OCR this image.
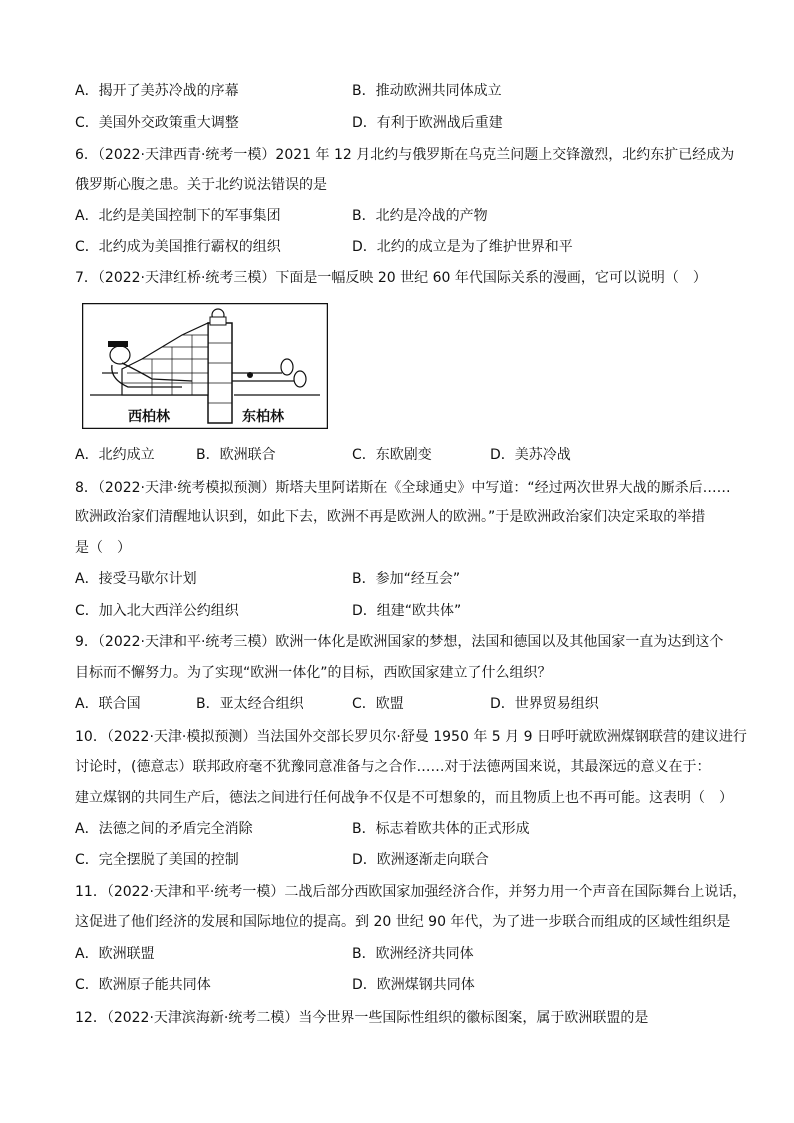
A．揭开了美苏冷战的序幕	B．推动欧洲共同体成立
C．美国外交政策重大调整	D．有利于欧洲战后重建
6．（2022·天津西青·统考一模）2021 年 12 月北约与俄罗斯在乌克兰问题上交锋激烈，北约东扩已经成为
俄罗斯心腹之患。关于北约说法错误的是
A．北约是美国控制下的军事集团	B．北约是冷战的产物
C．北约成为美国推行霸权的组织	D．北约的成立是为了维护世界和平
7．（2022·天津红桥·统考三模）下面是一幅反映 20 世纪 60 年代国际关系的漫画，它可以说明（　）
西柏林	东柏林
A．北约成立	B．欧洲联合	C．东欧剧变	D．美苏冷战
8．（2022·天津·统考模拟预测）斯塔夫里阿诺斯在《全球通史》中写道：“经过两次世界大战的厮杀后……
欧洲政治家们清醒地认识到，如此下去，欧洲不再是欧洲人的欧洲。”于是欧洲政治家们决定采取的举措
是（　）
A．接受马歇尔计划	B．参加“经互会”
C．加入北大西洋公约组织	D．组建“欧共体”
9．（2022·天津和平·统考三模）欧洲一体化是欧洲国家的梦想，法国和德国以及其他国家一直为达到这个
目标而不懈努力。为了实现“欧洲一体化”的目标，西欧国家建立了什么组织？
A．联合国	B．亚太经合组织	C．欧盟	D．世界贸易组织
10．（2022·天津·模拟预测）当法国外交部长罗贝尔·舒曼 1950 年 5 月 9 日呼吁就欧洲煤钢联营的建议进行
讨论时，(德意志）联邦政府毫不犹豫同意准备与之合作……对于法德两国来说，其最深远的意义在于：
建立煤钢的共同生产后，德法之间进行任何战争不仅是不可想象的，而且物质上也不再可能。这表明（　）
A．法德之间的矛盾完全消除	B．标志着欧共体的正式形成
C．完全摆脱了美国的控制	D．欧洲逐渐走向联合
11．（2022·天津和平·统考一模）二战后部分西欧国家加强经济合作，并努力用一个声音在国际舞台上说话，
这促进了他们经济的发展和国际地位的提高。到 20 世纪 90 年代，为了进一步联合而组成的区域性组织是
A．欧洲联盟	B．欧洲经济共同体
C．欧洲原子能共同体	D．欧洲煤钢共同体
12．（2022·天津滨海新·统考二模）当今世界一些国际性组织的徽标图案，属于欧洲联盟的是
